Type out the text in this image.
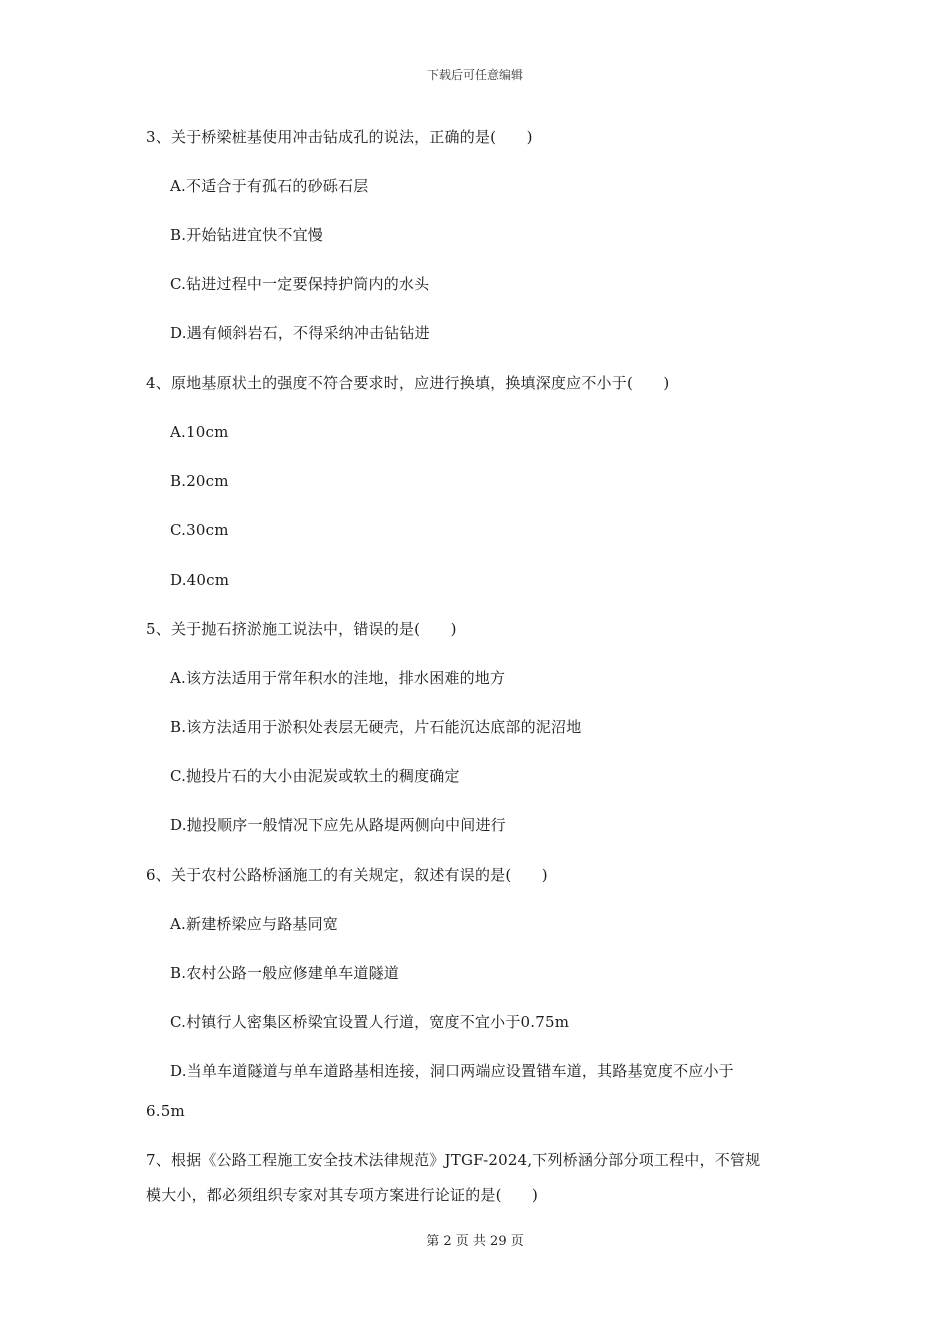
下载后可任意编辑
3、关于桥梁桩基使用冲击钻成孔的说法，正确的是(　　)
A.不适合于有孤石的砂砾石层
B.开始钻进宜快不宜慢
C.钻进过程中一定要保持护筒内的水头
D.遇有倾斜岩石，不得采纳冲击钻钻进
4、原地基原状土的强度不符合要求时，应进行换填，换填深度应不小于(　　)
A.10cm
B.20cm
C.30cm
D.40cm
5、关于抛石挤淤施工说法中，错误的是(　　)
A.该方法适用于常年积水的洼地，排水困难的地方
B.该方法适用于淤积处表层无硬壳，片石能沉达底部的泥沼地
C.抛投片石的大小由泥炭或软土的稠度确定
D.抛投顺序一般情况下应先从路堤两侧向中间进行
6、关于农村公路桥涵施工的有关规定，叙述有误的是(　　)
A.新建桥梁应与路基同宽
B.农村公路一般应修建单车道隧道
C.村镇行人密集区桥梁宜设置人行道，宽度不宜小于0.75m
D.当单车道隧道与单车道路基相连接，洞口两端应设置错车道，其路基宽度不应小于
6.5m
7、根据《公路工程施工安全技术法律规范》JTGF-2024,下列桥涵分部分项工程中，不管规
模大小，都必须组织专家对其专项方案进行论证的是(　　)
第 2 页 共 29 页
